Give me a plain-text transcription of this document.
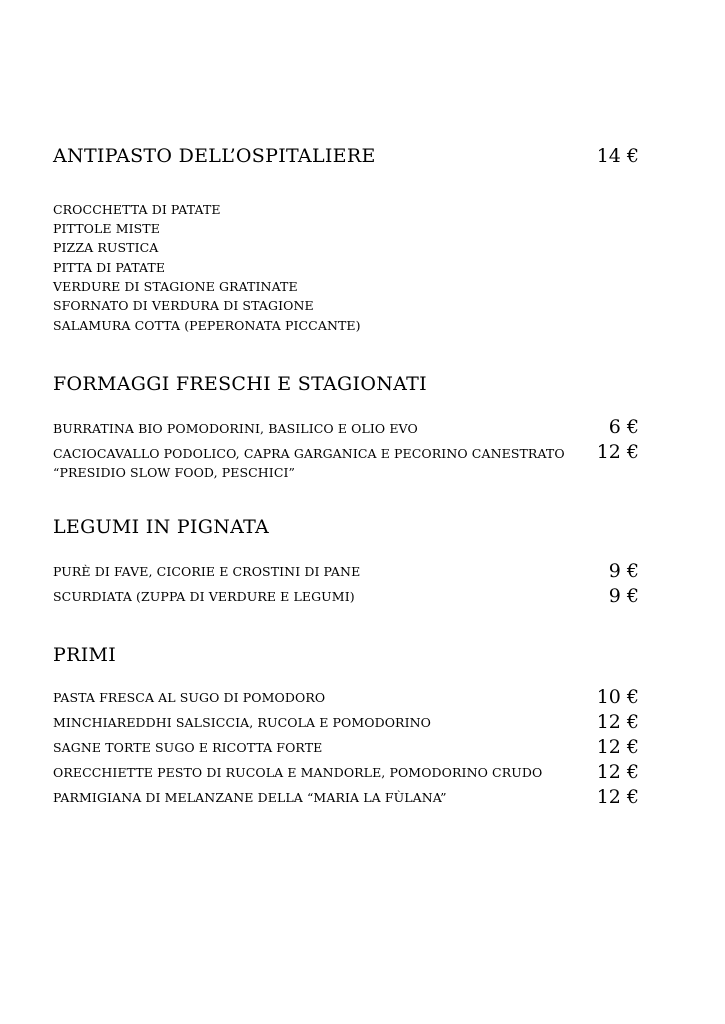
ANTIPASTO DELL’OSPITALIERE	14 €
CROCCHETTA DI PATATE
PITTOLE MISTE
PIZZA RUSTICA
PITTA DI PATATE
VERDURE DI STAGIONE GRATINATE
SFORNATO DI VERDURA DI STAGIONE
SALAMURA COTTA (PEPERONATA PICCANTE)
FORMAGGI FRESCHI E STAGIONATI
BURRATINA BIO POMODORINI, BASILICO E OLIO EVO	6 €
CACIOCAVALLO PODOLICO, CAPRA GARGANICA E PECORINO CANESTRATO 12 €
“PRESIDIO SLOW FOOD, PESCHICI”
LEGUMI IN PIGNATA
PURÈ DI FAVE, CICORIE E CROSTINI DI PANE	9 €
SCURDIATA (ZUPPA DI VERDURE E LEGUMI)	9 €
PRIMI
PASTA FRESCA AL SUGO DI POMODORO	10 €
MINCHIAREDDHI SALSICCIA, RUCOLA E POMODORINO	12 €
SAGNE TORTE SUGO E RICOTTA FORTE	12 €
ORECCHIETTE PESTO DI RUCOLA E MANDORLE, POMODORINO CRUDO	12 €
PARMIGIANA DI MELANZANE DELLA “MARIA LA FÙLANA”	12 €
